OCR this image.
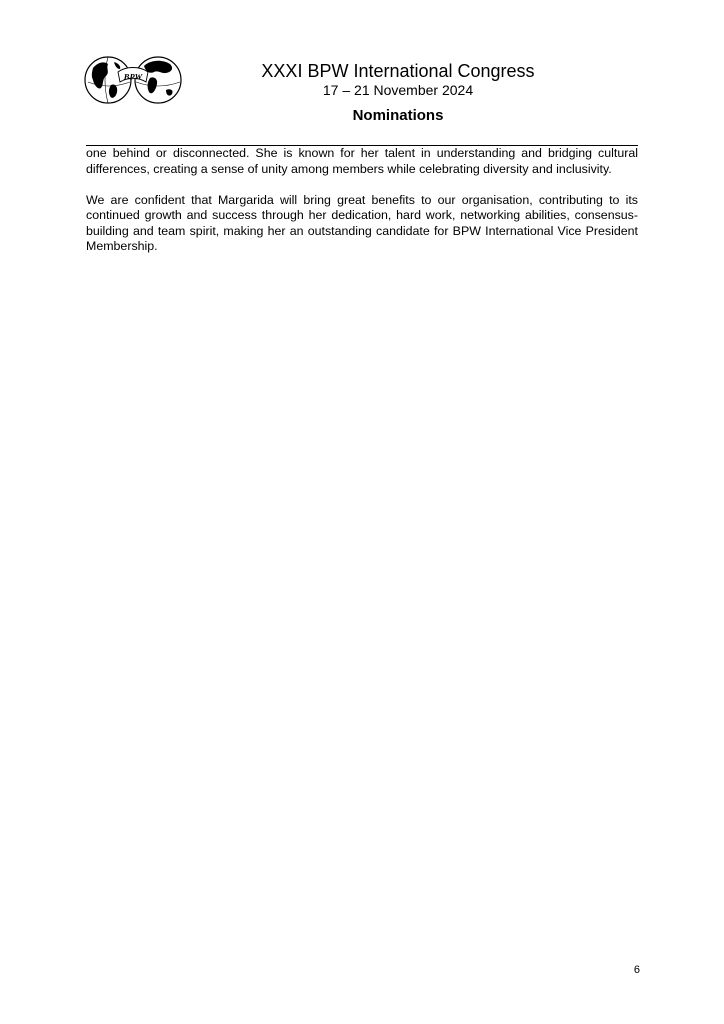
BPW	XXXI BPW International Congress
17 – 21 November 2024
Nominations

one behind or disconnected. She is known for her talent in understanding and bridging cultural differences, creating a sense of unity among members while celebrating diversity and inclusivity.

We are confident that Margarida will bring great benefits to our organisation, contributing to its continued growth and success through her dedication, hard work, networking abilities, consensus-building and team spirit, making her an outstanding candidate for BPW International Vice President Membership.

6
